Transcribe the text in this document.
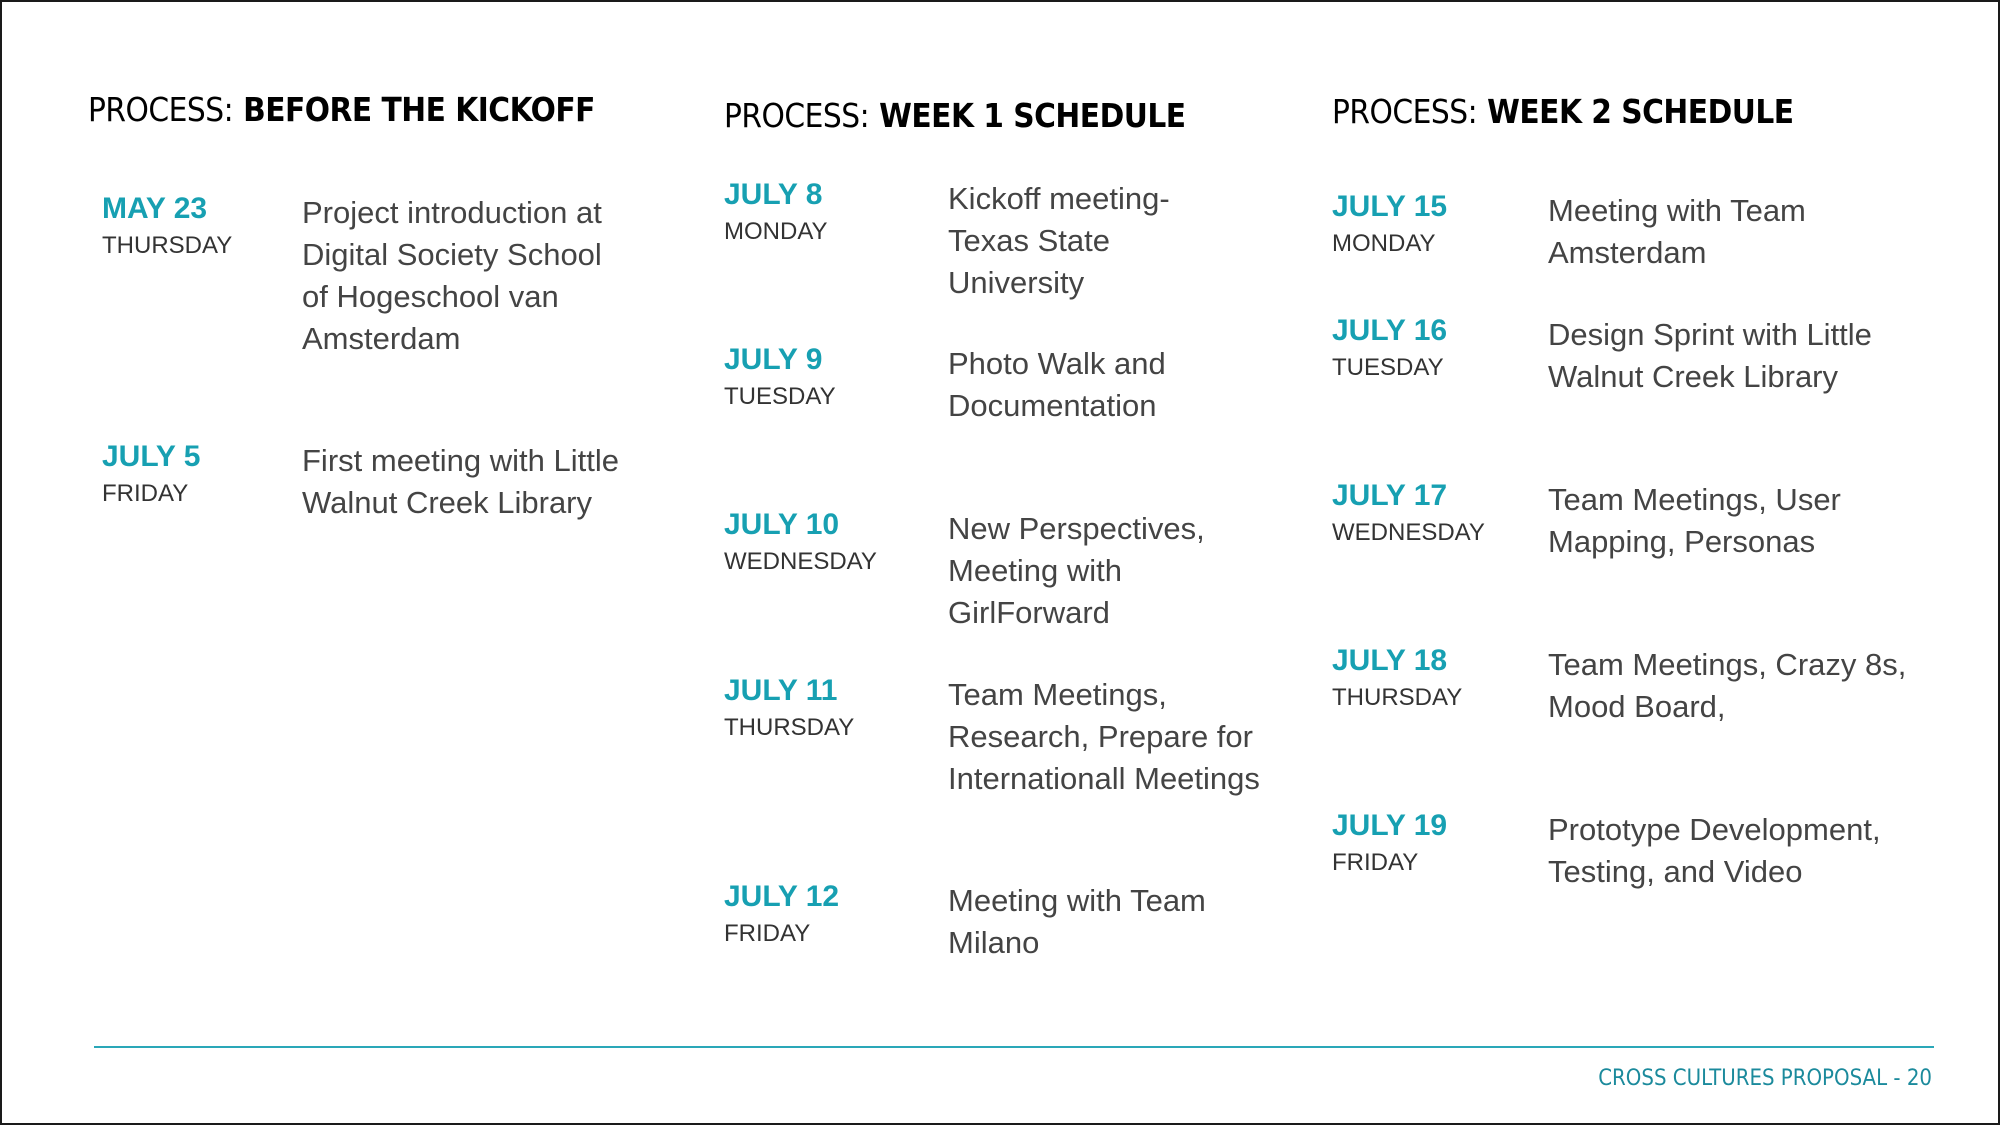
PROCESS: BEFORE THE KICKOFF
MAY 23
THURSDAY
Project introduction at Digital Society School of Hogeschool van Amsterdam
JULY 5
FRIDAY
First meeting with Little Walnut Creek Library
PROCESS: WEEK 1 SCHEDULE
JULY 8
MONDAY
Kickoff meeting- Texas State University
JULY 9
TUESDAY
Photo Walk and Documentation
JULY 10
WEDNESDAY
New Perspectives, Meeting with GirlForward
JULY 11
THURSDAY
Team Meetings, Research, Prepare for Internationall Meetings
JULY 12
FRIDAY
Meeting with Team Milano
PROCESS: WEEK 2 SCHEDULE
JULY 15
MONDAY
Meeting with Team Amsterdam
JULY 16
TUESDAY
Design Sprint with Little Walnut Creek Library
JULY 17
WEDNESDAY
Team Meetings, User Mapping, Personas
JULY 18
THURSDAY
Team Meetings, Crazy 8s, Mood Board,
JULY 19
FRIDAY
Prototype Development, Testing, and Video
CROSS CULTURES PROPOSAL - 20
